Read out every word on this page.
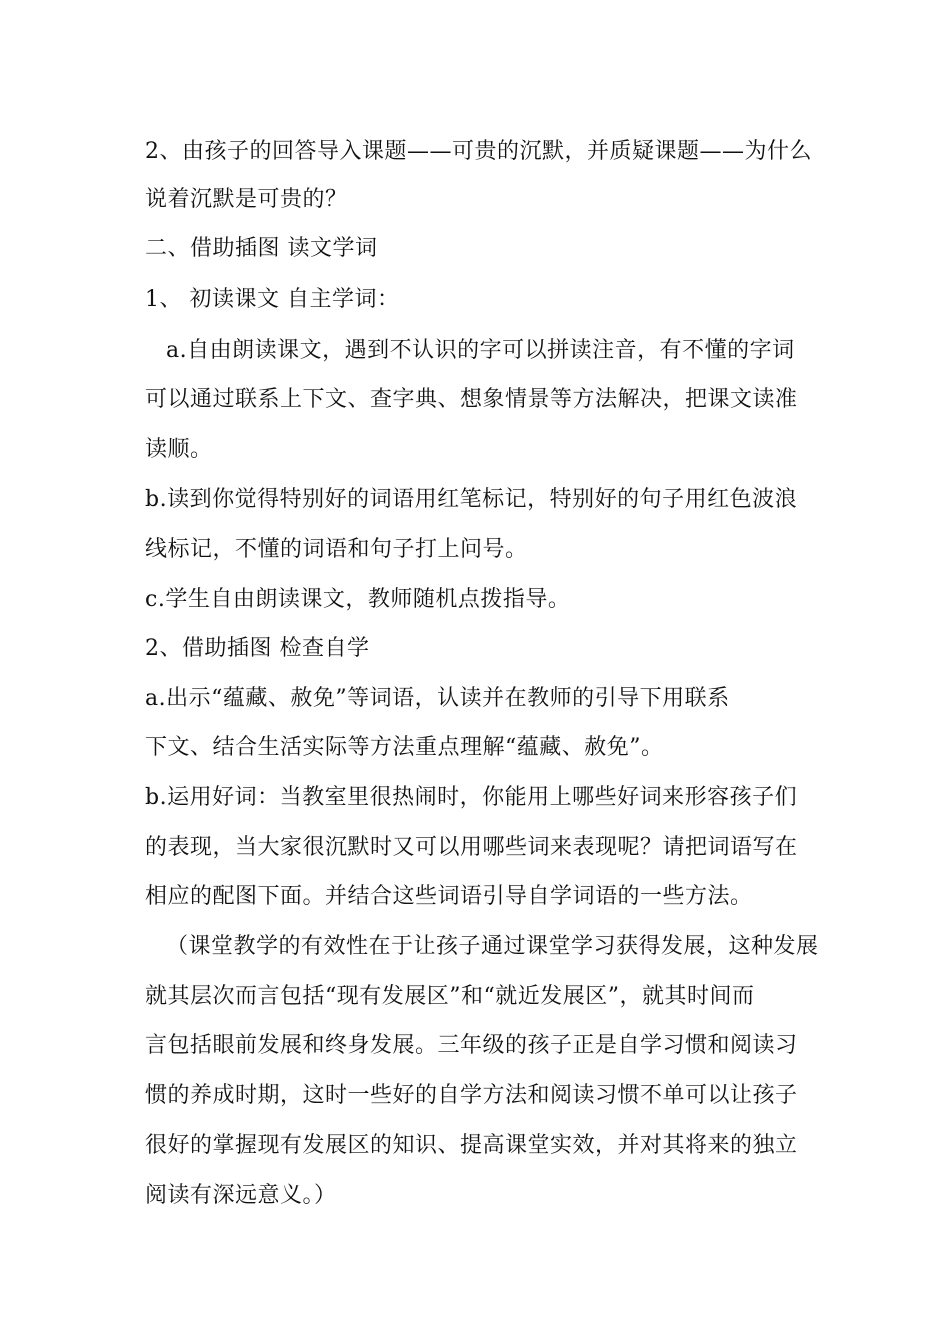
2、由孩子的回答导入课题——可贵的沉默，并质疑课题——为什么
说着沉默是可贵的？
二、借助插图 读文学词
1、 初读课文 自主学词：
a.自由朗读课文，遇到不认识的字可以拼读注音，有不懂的字词
可以通过联系上下文、查字典、想象情景等方法解决，把课文读准
读顺。
b.读到你觉得特别好的词语用红笔标记，特别好的句子用红色波浪
线标记，不懂的词语和句子打上问号。
c.学生自由朗读课文，教师随机点拨指导。
2、借助插图 检查自学
a.出示“蕴藏、赦免”等词语，认读并在教师的引导下用联系
下文、结合生活实际等方法重点理解“蕴藏、赦免”。
b.运用好词：当教室里很热闹时，你能用上哪些好词来形容孩子们
的表现，当大家很沉默时又可以用哪些词来表现呢？请把词语写在
相应的配图下面。并结合这些词语引导自学词语的一些方法。
（课堂教学的有效性在于让孩子通过课堂学习获得发展，这种发展
就其层次而言包括“现有发展区”和“就近发展区”，就其时间而
言包括眼前发展和终身发展。三年级的孩子正是自学习惯和阅读习
惯的养成时期，这时一些好的自学方法和阅读习惯不单可以让孩子
很好的掌握现有发展区的知识、提高课堂实效，并对其将来的独立
阅读有深远意义。）
